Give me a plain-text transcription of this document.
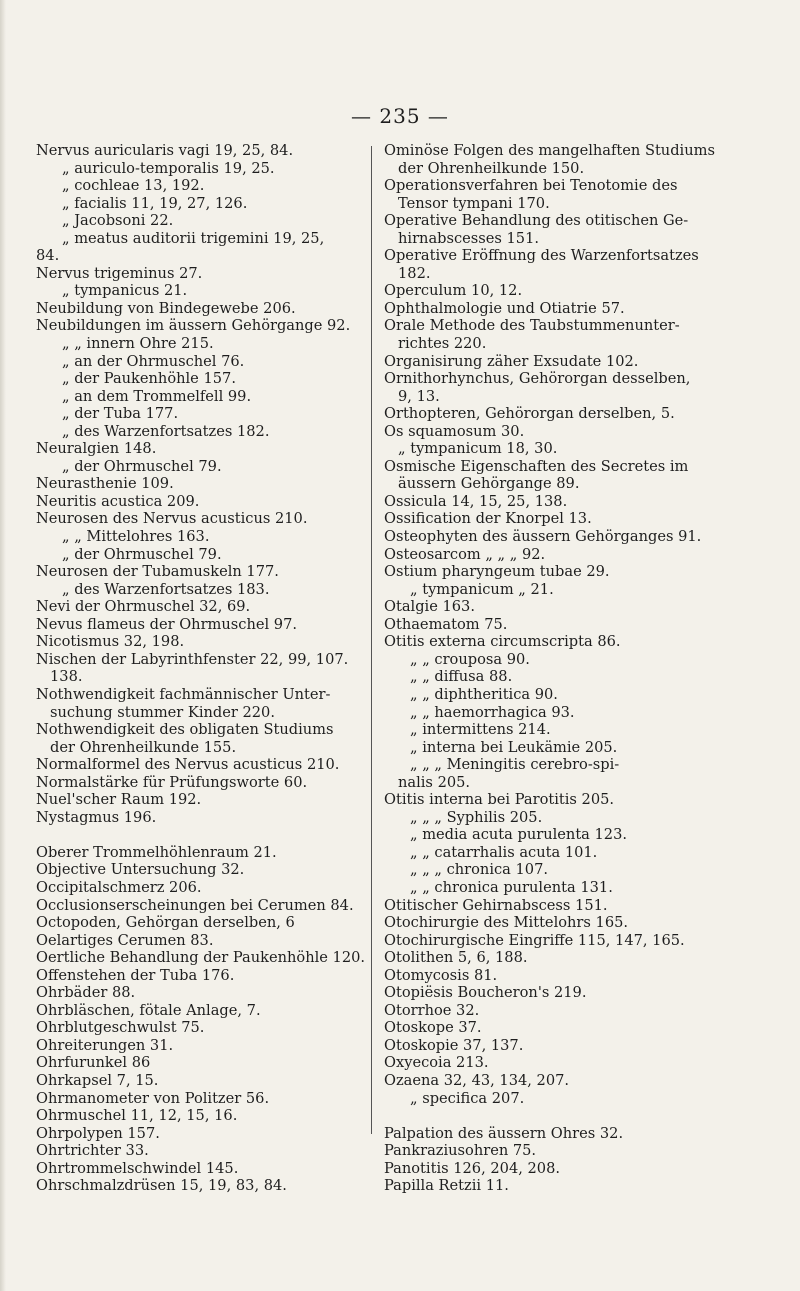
— 235 —
Nervus auricularis vagi 19, 25, 84.
„ auriculo-temporalis 19, 25.
„ cochleae 13, 192.
„ facialis 11, 19, 27, 126.
„ Jacobsoni 22.
„ meatus auditorii trigemini 19, 25,
84.
Nervus trigeminus 27.
„ tympanicus 21.
Neubildung von Bindegewebe 206.
Neubildungen im äussern Gehörgange 92.
„ „ innern Ohre 215.
„ an der Ohrmuschel 76.
„ der Paukenhöhle 157.
„ an dem Trommelfell 99.
„ der Tuba 177.
„ des Warzenfortsatzes 182.
Neuralgien 148.
„ der Ohrmuschel 79.
Neurasthenie 109.
Neuritis acustica 209.
Neurosen des Nervus acusticus 210.
„ „ Mittelohres 163.
„ der Ohrmuschel 79.
Neurosen der Tubamuskeln 177.
„ des Warzenfortsatzes 183.
Nevi der Ohrmuschel 32, 69.
Nevus flameus der Ohrmuschel 97.
Nicotismus 32, 198.
Nischen der Labyrinthfenster 22, 99, 107.
138.
Nothwendigkeit fachmännischer Unter-
suchung stummer Kinder 220.
Nothwendigkeit des obligaten Studiums
der Ohrenheilkunde 155.
Normalformel des Nervus acusticus 210.
Normalstärke für Prüfungsworte 60.
Nuel'scher Raum 192.
Nystagmus 196.
Oberer Trommelhöhlenraum 21.
Objective Untersuchung 32.
Occipitalschmerz 206.
Occlusionserscheinungen bei Cerumen 84.
Octopoden, Gehörgan derselben, 6
Oelartiges Cerumen 83.
Oertliche Behandlung der Paukenhöhle 120.
Offenstehen der Tuba 176.
Ohrbäder 88.
Ohrbläschen, fötale Anlage, 7.
Ohrblutgeschwulst 75.
Ohreiterungen 31.
Ohrfurunkel 86
Ohrkapsel 7, 15.
Ohrmanometer von Politzer 56.
Ohrmuschel 11, 12, 15, 16.
Ohrpolypen 157.
Ohrtrichter 33.
Ohrtrommelschwindel 145.
Ohrschmalzdrüsen 15, 19, 83, 84.
Ominöse Folgen des mangelhaften Studiums
der Ohrenheilkunde 150.
Operationsverfahren bei Tenotomie des
Tensor tympani 170.
Operative Behandlung des otitischen Ge-
hirnabscesses 151.
Operative Eröffnung des Warzenfortsatzes
182.
Operculum 10, 12.
Ophthalmologie und Otiatrie 57.
Orale Methode des Taubstummenunter-
richtes 220.
Organisirung zäher Exsudate 102.
Ornithorhynchus, Gehörorgan desselben,
9, 13.
Orthopteren, Gehörorgan derselben, 5.
Os squamosum 30.
„ tympanicum 18, 30.
Osmische Eigenschaften des Secretes im
äussern Gehörgange 89.
Ossicula 14, 15, 25, 138.
Ossification der Knorpel 13.
Osteophyten des äussern Gehörganges 91.
Osteosarcom „ „ „ 92.
Ostium pharyngeum tubae 29.
„ tympanicum „ 21.
Otalgie 163.
Othaematom 75.
Otitis externa circumscripta 86.
„ „ crouposa 90.
„ „ diffusa 88.
„ „ diphtheritica 90.
„ „ haemorrhagica 93.
„ intermittens 214.
„ interna bei Leukämie 205.
„ „ „ Meningitis cerebro-spi-
nalis 205.
Otitis interna bei Parotitis 205.
„ „ „ Syphilis 205.
„ media acuta purulenta 123.
„ „ catarrhalis acuta 101.
„ „ „ chronica 107.
„ „ chronica purulenta 131.
Otitischer Gehirnabscess 151.
Otochirurgie des Mittelohrs 165.
Otochirurgische Eingriffe 115, 147, 165.
Otolithen 5, 6, 188.
Otomycosis 81.
Otopiësis Boucheron's 219.
Otorrhoe 32.
Otoskope 37.
Otoskopie 37, 137.
Oxyecoia 213.
Ozaena 32, 43, 134, 207.
„ specifica 207.
Palpation des äussern Ohres 32.
Pankraziusohren 75.
Panotitis 126, 204, 208.
Papilla Retzii 11.
